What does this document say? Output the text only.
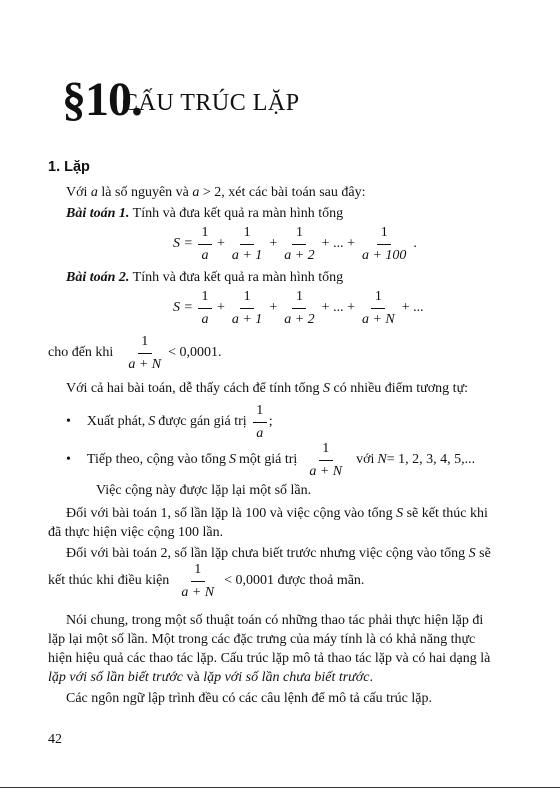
§10.
CẤU TRÚC LẶP
1. Lặp
Với a là số nguyên và a > 2, xét các bài toán sau đây:
Bài toán 1. Tính và đưa kết quả ra màn hình tổng
$S = \frac{1}{a} + \frac{1}{a + 1} + \frac{1}{a + 2}$ + ... + $\frac{1}{a + 100}$ .
Bài toán 2. Tính và đưa kết quả ra màn hình tổng
$S = \frac{1}{a} + \frac{1}{a + 1} + \frac{1}{a + 2}$ + ... + $\frac{1}{a + N}$ + ...
cho đến khi $\frac{1}{a + N} < 0,0001$.
Với cả hai bài toán, dễ thấy cách để tính tổng S có nhiều điểm tương tự:
• Xuất phát, S được gán giá trị $\frac{1}{a}$ ;
• Tiếp theo, cộng vào tổng S một giá trị $\frac{1}{a + N}$ với N = 1, 2, 3, 4, 5,...
Việc cộng này được lặp lại một số lần.
Đối với bài toán 1, số lần lặp là 100 và việc cộng vào tổng S sẽ kết thúc khi
đã thực hiện việc cộng 100 lần.
Đối với bài toán 2, số lần lặp chưa biết trước nhưng việc cộng vào tổng S sẽ
kết thúc khi điều kiện $\frac{1}{a + N} < 0,0001$ được thoả mãn.
Nói chung, trong một số thuật toán có những thao tác phải thực hiện lặp đi
lặp lại một số lần. Một trong các đặc trưng của máy tính là có khả năng thực
hiện hiệu quả các thao tác lặp. Cấu trúc lặp mô tả thao tác lặp và có hai dạng là
lặp với số lần biết trước và lặp với số lần chưa biết trước.
Các ngôn ngữ lập trình đều có các câu lệnh để mô tả cấu trúc lặp.
42
